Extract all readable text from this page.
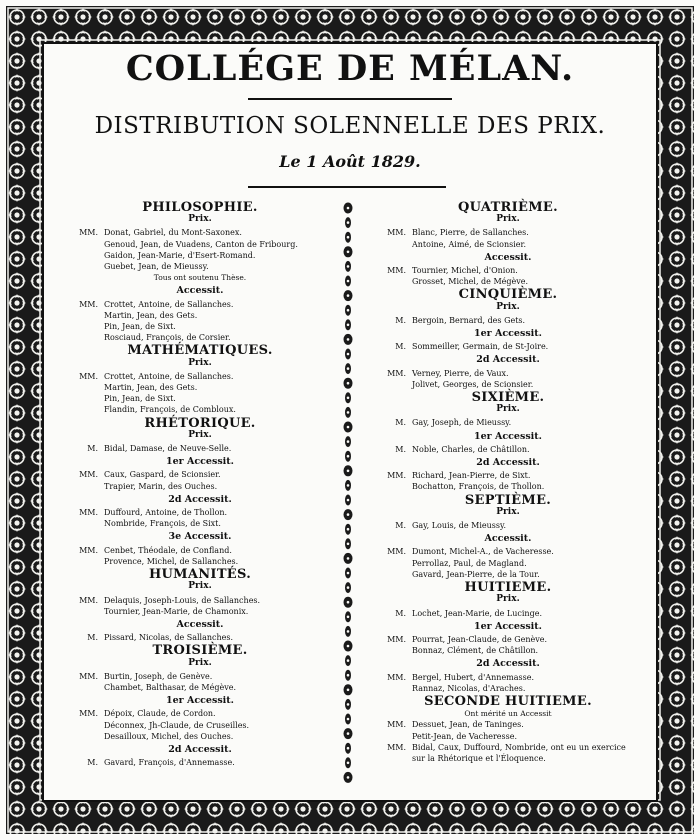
COLLÉGE DE MÉLAN.
DISTRIBUTION SOLENNELLE DES PRIX.
Le 1 Août 1829.
PHILOSOPHIE.
Prix.
MM. Donat, Gabriel, du Mont-Saxonex.
Genoud, Jean, de Vuadens, Canton de Fribourg.
Gaidon, Jean-Marie, d'Esert-Romand.
Guebet, Jean, de Mieussy.
Tous ont soutenu Thèse.
Accessit.
MM. Crottet, Antoine, de Sallanches.
Martin, Jean, des Gets.
Pin, Jean, de Sixt.
Rosciaud, François, de Corsier.
MATHÉMATIQUES.
Prix.
MM. Crottet, Antoine, de Sallanches.
Martin, Jean, des Gets.
Pin, Jean, de Sixt.
Flandin, François, de Combloux.
RHÉTORIQUE.
Prix.
M. Bidal, Damase, de Neuve-Selle.
1er Accessit.
MM. Caux, Gaspard, de Scionsier.
Trapier, Marin, des Ouches.
2d Accessit.
MM. Duffourd, Antoine, de Thollon.
Nombride, François, de Sixt.
3e Accessit.
MM. Cenbet, Théodale, de Confland.
Provence, Michel, de Sallanches.
HUMANITÉS.
Prix.
MM. Delaquis, Joseph-Louis, de Sallanches.
Tournier, Jean-Marie, de Chamonix.
Accessit.
M. Pissard, Nicolas, de Sallanches.
TROISIÈME.
Prix.
MM. Burtin, Joseph, de Genève.
Chambet, Balthasar, de Mégève.
1er Accessit.
MM. Dépoix, Claude, de Cordon.
Déconnex, Jh-Claude, de Cruseilles.
Desailloux, Michel, des Ouches.
2d Accessit.
M. Gavard, François, d'Annemasse.
QUATRIÈME.
Prix.
MM. Blanc, Pierre, de Sallanches.
Antoine, Aimé, de Scionsier.
Accessit.
MM. Tournier, Michel, d'Onion.
Grosset, Michel, de Mégève.
CINQUIÈME.
Prix.
M. Bergoin, Bernard, des Gets.
1er Accessit.
M. Sommeiller, Germain, de St-Joire.
2d Accessit.
MM. Verney, Pierre, de Vaux.
Jolivet, Georges, de Scionsier.
SIXIÈME.
Prix.
M. Gay, Joseph, de Mieussy.
1er Accessit.
M. Noble, Charles, de Châtillon.
2d Accessit.
MM. Richard, Jean-Pierre, de Sixt.
Bochatton, François, de Thollon.
SEPTIÈME.
Prix.
M. Gay, Louis, de Mieussy.
Accessit.
MM. Dumont, Michel-A., de Vacheresse.
Perrollaz, Paul, de Magland.
Gavard, Jean-Pierre, de la Tour.
HUITIEME.
Prix.
M. Lochet, Jean-Marie, de Lucinge.
1er Accessit.
MM. Pourrat, Jean-Claude, de Genève.
Bonnaz, Clément, de Châtillon.
2d Accessit.
MM. Bergel, Hubert, d'Annemasse.
Rannaz, Nicolas, d'Araches.
SECONDE HUITIEME.
Ont mérité un Accessit
MM. Dessuet, Jean, de Taninges.
Petit-Jean, de Vacheresse.
MM. Bidal, Caux, Duffourd, Nombride, ont eu un exercice sur la Rhétorique et l'Éloquence.
